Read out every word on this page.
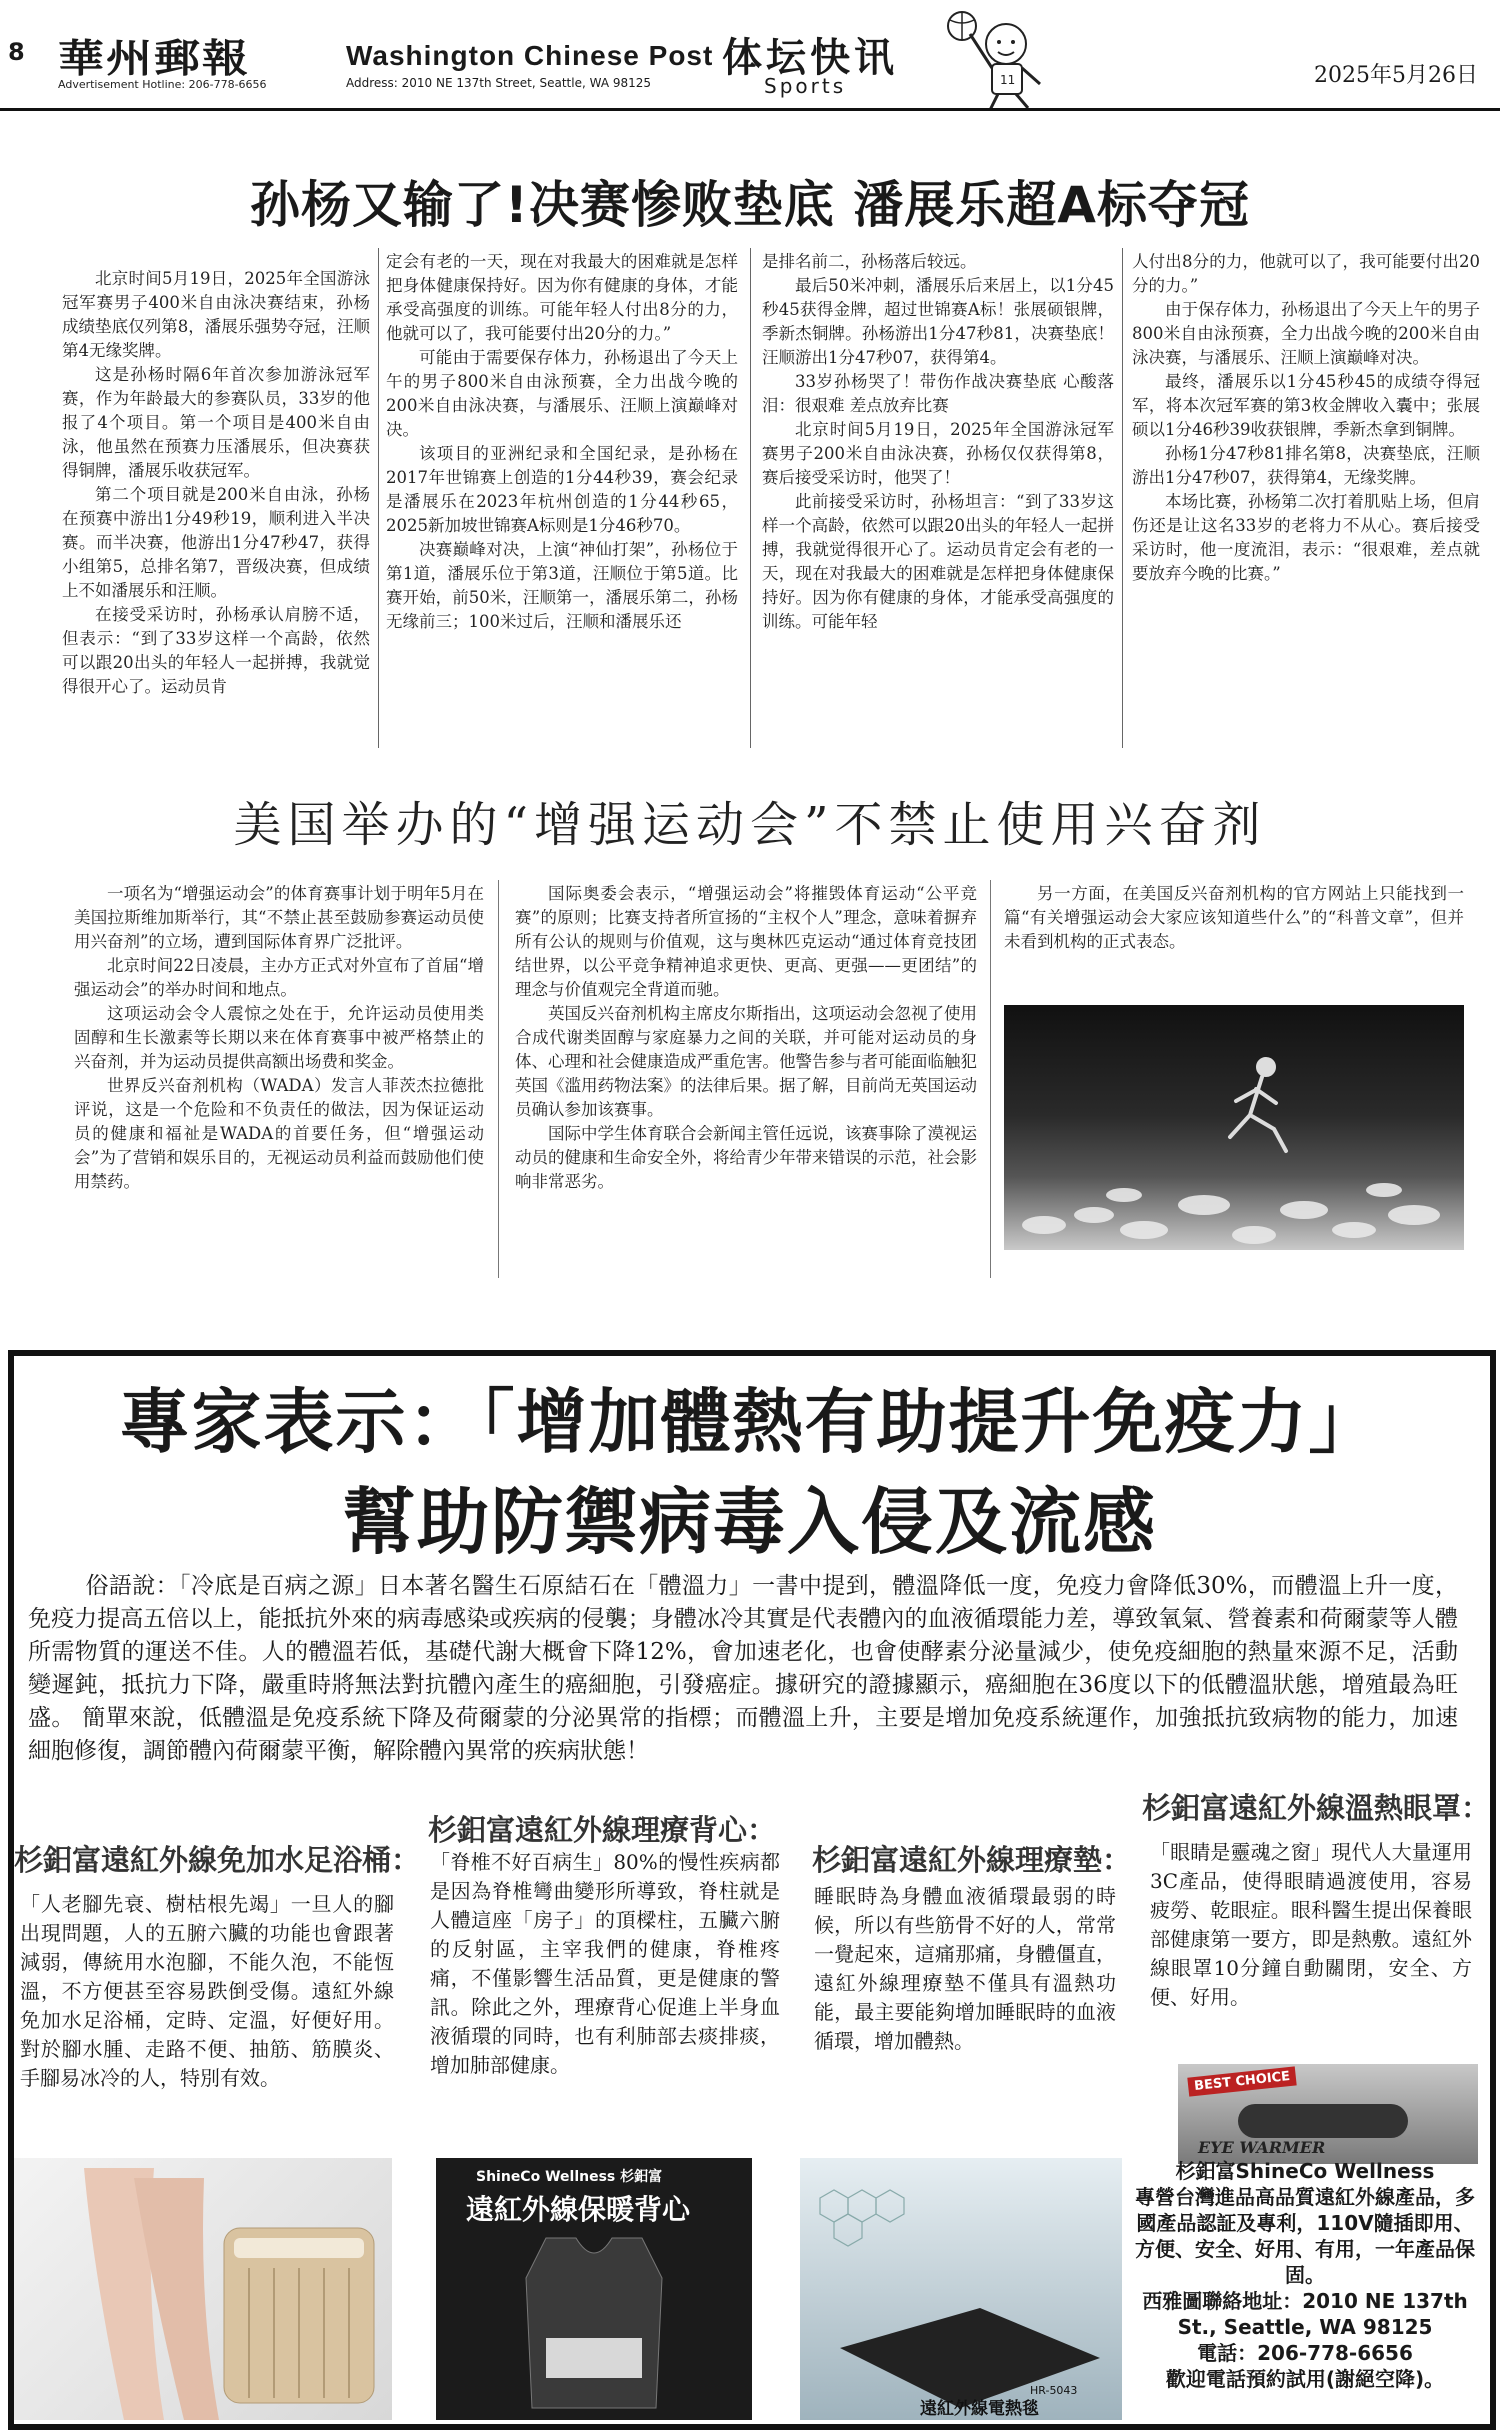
8 華州郵報
Advertisement Hotline: 206-778-6656
Washington Chinese Post
Address: 2010 NE 137th Street, Seattle, WA 98125
体坛快讯
Sports	11	2025年5月26日
孙杨又输了!决赛惨败垫底 潘展乐超A标夺冠

北京时间5月19日，2025年全国游泳冠军赛男子400米自由泳决赛结束，孙杨成绩垫底仅列第8，潘展乐强势夺冠，汪顺第4无缘奖牌。

这是孙杨时隔6年首次参加游泳冠军赛，作为年龄最大的参赛队员，33岁的他报了4个项目。第一个项目是400米自由泳，他虽然在预赛力压潘展乐，但决赛获得铜牌，潘展乐收获冠军。

第二个项目就是200米自由泳，孙杨在预赛中游出1分49秒19，顺利进入半决赛。而半决赛，他游出1分47秒47，获得小组第5，总排名第7，晋级决赛，但成绩上不如潘展乐和汪顺。

在接受采访时，孙杨承认肩膀不适，但表示：“到了33岁这样一个高龄，依然可以跟20出头的年轻人一起拼搏，我就觉得很开心了。运动员肯

定会有老的一天，现在对我最大的困难就是怎样把身体健康保持好。因为你有健康的身体，才能承受高强度的训练。可能年轻人付出8分的力，他就可以了，我可能要付出20分的力。”

可能由于需要保存体力，孙杨退出了今天上午的男子800米自由泳预赛，全力出战今晚的200米自由泳决赛，与潘展乐、汪顺上演巅峰对决。

该项目的亚洲纪录和全国纪录，是孙杨在2017年世锦赛上创造的1分44秒39，赛会纪录是潘展乐在2023年杭州创造的1分44秒65，2025新加坡世锦赛A标则是1分46秒70。

决赛巅峰对决，上演“神仙打架”，孙杨位于第1道，潘展乐位于第3道，汪顺位于第5道。比赛开始，前50米，汪顺第一，潘展乐第二，孙杨无缘前三；100米过后，汪顺和潘展乐还

是排名前二，孙杨落后较远。

最后50米冲刺，潘展乐后来居上，以1分45秒45获得金牌，超过世锦赛A标！张展硕银牌，季新杰铜牌。孙杨游出1分47秒81，决赛垫底！汪顺游出1分47秒07，获得第4。

33岁孙杨哭了！带伤作战决赛垫底 心酸落泪：很艰难 差点放弃比赛

北京时间5月19日，2025年全国游泳冠军赛男子200米自由泳决赛，孙杨仅仅获得第8，赛后接受采访时，他哭了！

此前接受采访时，孙杨坦言：“到了33岁这样一个高龄，依然可以跟20出头的年轻人一起拼搏，我就觉得很开心了。运动员肯定会有老的一天，现在对我最大的困难就是怎样把身体健康保持好。因为你有健康的身体，才能承受高强度的训练。可能年轻

人付出8分的力，他就可以了，我可能要付出20分的力。”

由于保存体力，孙杨退出了今天上午的男子800米自由泳预赛，全力出战今晚的200米自由泳决赛，与潘展乐、汪顺上演巅峰对决。

最终，潘展乐以1分45秒45的成绩夺得冠军，将本次冠军赛的第3枚金牌收入囊中；张展硕以1分46秒39收获银牌，季新杰拿到铜牌。

孙杨1分47秒81排名第8，决赛垫底，汪顺游出1分47秒07，获得第4，无缘奖牌。

本场比赛，孙杨第二次打着肌贴上场，但肩伤还是让这名33岁的老将力不从心。赛后接受采访时，他一度流泪，表示：“很艰难，差点就要放弃今晚的比赛。”

美国举办的“增强运动会”不禁止使用兴奋剂

一项名为“增强运动会”的体育赛事计划于明年5月在美国拉斯维加斯举行，其“不禁止甚至鼓励参赛运动员使用兴奋剂”的立场，遭到国际体育界广泛批评。

北京时间22日凌晨，主办方正式对外宣布了首届“增强运动会”的举办时间和地点。

这项运动会令人震惊之处在于，允许运动员使用类固醇和生长激素等长期以来在体育赛事中被严格禁止的兴奋剂，并为运动员提供高额出场费和奖金。

世界反兴奋剂机构（WADA）发言人菲茨杰拉德批评说，这是一个危险和不负责任的做法，因为保证运动员的健康和福祉是WADA的首要任务，但“增强运动会”为了营销和娱乐目的，无视运动员利益而鼓励他们使用禁药。

国际奥委会表示，“增强运动会”将摧毁体育运动“公平竞赛”的原则；比赛支持者所宣扬的“主权个人”理念，意味着摒弃所有公认的规则与价值观，这与奥林匹克运动“通过体育竞技团结世界，以公平竞争精神追求更快、更高、更强——更团结”的理念与价值观完全背道而驰。

英国反兴奋剂机构主席皮尔斯指出，这项运动会忽视了使用合成代谢类固醇与家庭暴力之间的关联，并可能对运动员的身体、心理和社会健康造成严重危害。他警告参与者可能面临触犯英国《滥用药物法案》的法律后果。据了解，目前尚无英国运动员确认参加该赛事。

国际中学生体育联合会新闻主管任远说，该赛事除了漠视运动员的健康和生命安全外，将给青少年带来错误的示范，社会影响非常恶劣。

另一方面，在美国反兴奋剂机构的官方网站上只能找到一篇“有关增强运动会大家应该知道些什么”的“科普文章”，但并未看到机构的正式表态。

專家表示：「增加體熱有助提升免疫力」
幫助防禦病毒入侵及流感

俗語說：「冷底是百病之源」日本著名醫生石原結石在「體溫力」一書中提到，體溫降低一度，免疫力會降低30%，而體溫上升一度，免疫力提高五倍以上，能抵抗外來的病毒感染或疾病的侵襲；身體冰冷其實是代表體內的血液循環能力差，導致氧氣、營養素和荷爾蒙等人體所需物質的運送不佳。人的體溫若低，基礎代謝大概會下降12%，會加速老化，也會使酵素分泌量減少，使免疫細胞的熱量來源不足，活動變遲鈍，抵抗力下降，嚴重時將無法對抗體內產生的癌細胞，引發癌症。據研究的證據顯示，癌細胞在36度以下的低體溫狀態，增殖最為旺盛。 簡單來說，低體溫是免疫系統下降及荷爾蒙的分泌異常的指標；而體溫上升，主要是增加免疫系統運作，加強抵抗致病物的能力，加速細胞修復，調節體內荷爾蒙平衡，解除體內異常的疾病狀態！

杉鈤富遠紅外線免加水足浴桶：
「人老腳先衰、樹枯根先竭」一旦人的腳出現問題，人的五腑六臟的功能也會跟著減弱，傳統用水泡腳，不能久泡，不能恆溫，不方便甚至容易跌倒受傷。遠紅外線免加水足浴桶，定時、定溫，好便好用。對於腳水腫、走路不便、抽筋、筋膜炎、手腳易冰冷的人，特別有效。
杉鈤富遠紅外線理療背心：
「脊椎不好百病生」80%的慢性疾病都是因為脊椎彎曲變形所導致，脊柱就是人體這座「房子」的頂樑柱，五臟六腑的反射區，主宰我們的健康，脊椎疼痛，不僅影響生活品質，更是健康的警訊。除此之外，理療背心促進上半身血液循環的同時，也有利肺部去痰排痰，增加肺部健康。
杉鈤富遠紅外線理療墊：
睡眠時為身體血液循環最弱的時候，所以有些筋骨不好的人，常常一覺起來，這痛那痛，身體僵直，遠紅外線理療墊不僅具有溫熱功能，最主要能夠增加睡眠時的血液循環，增加體熱。
杉鈤富遠紅外線溫熱眼罩：
「眼睛是靈魂之窗」現代人大量運用3C產品，使得眼睛過渡使用，容易疲勞、乾眼症。眼科醫生提出保養眼部健康第一要方，即是熱敷。遠紅外線眼罩10分鐘自動關閉，安全、方便、好用。
BEST CHOICE
EYE WARMER
ShineCo Wellness 杉鈤富
遠紅外線保暖背心
HR-5043
遠紅外線電熱毯
杉鈤富ShineCo Wellness
專營台灣進品高品質遠紅外線產品，多國產品認証及專利，110V隨插即用、方便、安全、好用、有用，一年產品保固。
西雅圖聯絡地址：2010 NE 137th St., Seattle, WA 98125
電話：206-778-6656
歡迎電話預約試用(謝絕空降)。
